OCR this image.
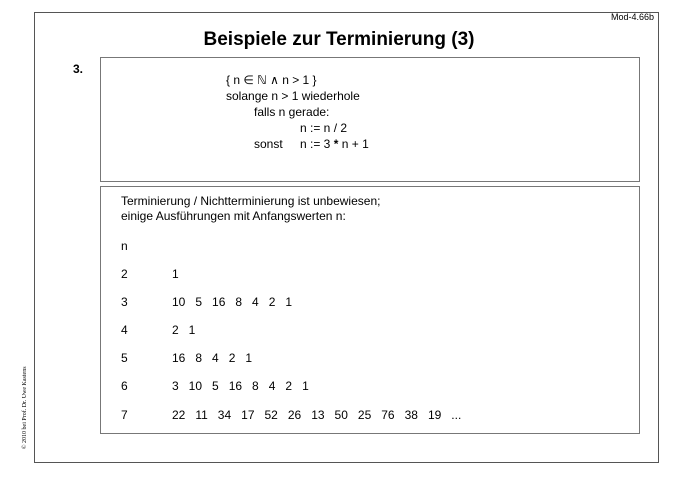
Mod-4.66b
Beispiele zur Terminierung (3)
3.
{ n ∈ ℕ ∧ n > 1 }
solange n > 1 wiederhole
falls n gerade:
n := n / 2
sonst n := 3 * n + 1
Terminierung / Nichtterminierung ist unbewiesen;
einige Ausführungen mit Anfangswerten n:
n
2	1
3	10   5   16   8   4   2   1
4	2   1
5	16   8   4   2   1
6	3   10   5   16   8   4   2   1
7	22   11   34   17   52   26   13   50   25   76   38   19   ...
© 2010 bei Prof. Dr. Uwe Kastens
